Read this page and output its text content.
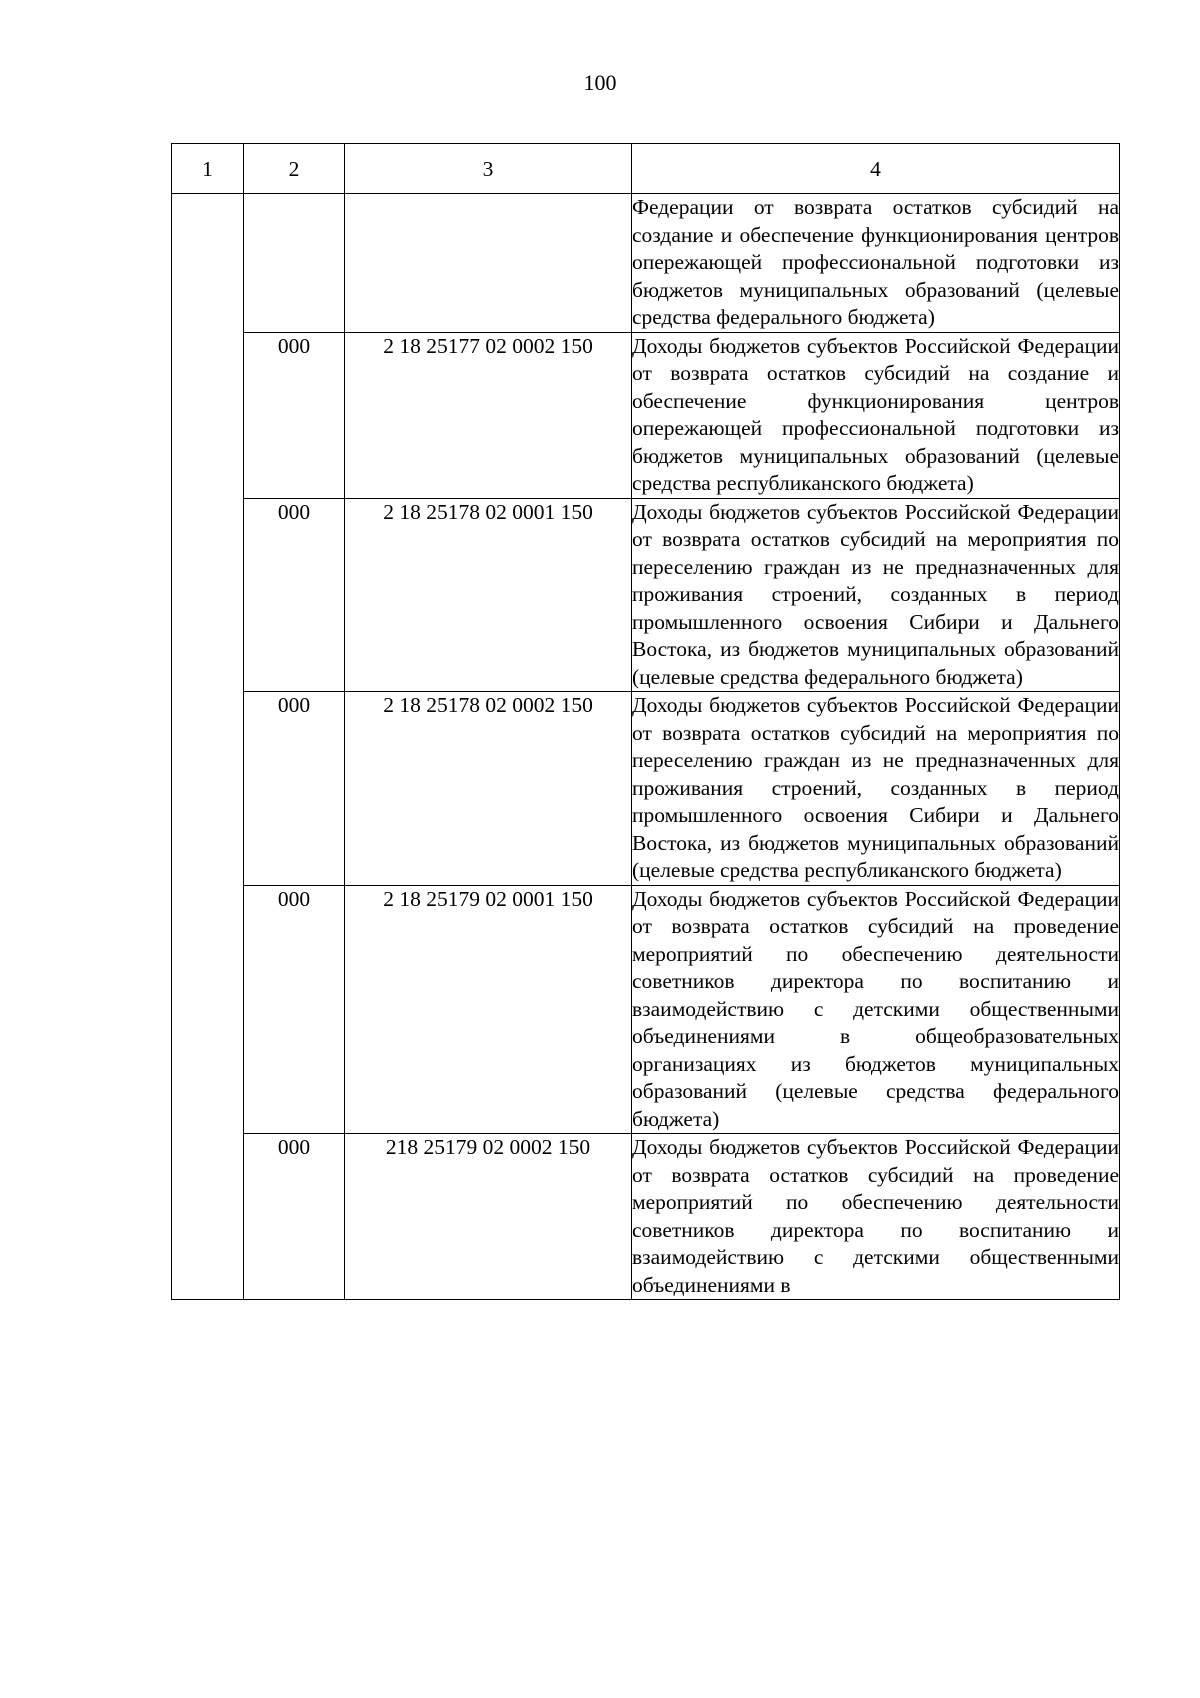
100
1	2	3	4
			Федерации от возврата остатков субсидий на создание и обеспечение функционирования центров опережающей профессиональной подготовки из бюджетов муниципальных образований (целевые средства федерального бюджета)
	000	2 18 25177 02 0002 150	Доходы бюджетов субъектов Российской Федерации от возврата остатков субсидий на создание и обеспечение функционирования центров опережающей профессиональной подготовки из бюджетов муниципальных образований (целевые средства республиканского бюджета)
	000	2 18 25178 02 0001 150	Доходы бюджетов субъектов Российской Федерации от возврата остатков субсидий на мероприятия по переселению граждан из не предназначенных для проживания строений, созданных в период промышленного освоения Сибири и Дальнего Востока, из бюджетов муниципальных образований (целевые средства федерального бюджета)
	000	2 18 25178 02 0002 150	Доходы бюджетов субъектов Российской Федерации от возврата остатков субсидий на мероприятия по переселению граждан из не предназначенных для проживания строений, созданных в период промышленного освоения Сибири и Дальнего Востока, из бюджетов муниципальных образований (целевые средства республиканского бюджета)
	000	2 18 25179 02 0001 150	Доходы бюджетов субъектов Российской Федерации от возврата остатков субсидий на проведение мероприятий по обеспечению деятельности советников директора по воспитанию и взаимодействию с детскими общественными объединениями в общеобразовательных организациях из бюджетов муниципальных образований (целевые средства федерального бюджета)
	000	218 25179 02 0002 150	Доходы бюджетов субъектов Российской Федерации от возврата остатков субсидий на проведение мероприятий по обеспечению деятельности советников директора по воспитанию и взаимодействию с детскими общественными объединениями в
